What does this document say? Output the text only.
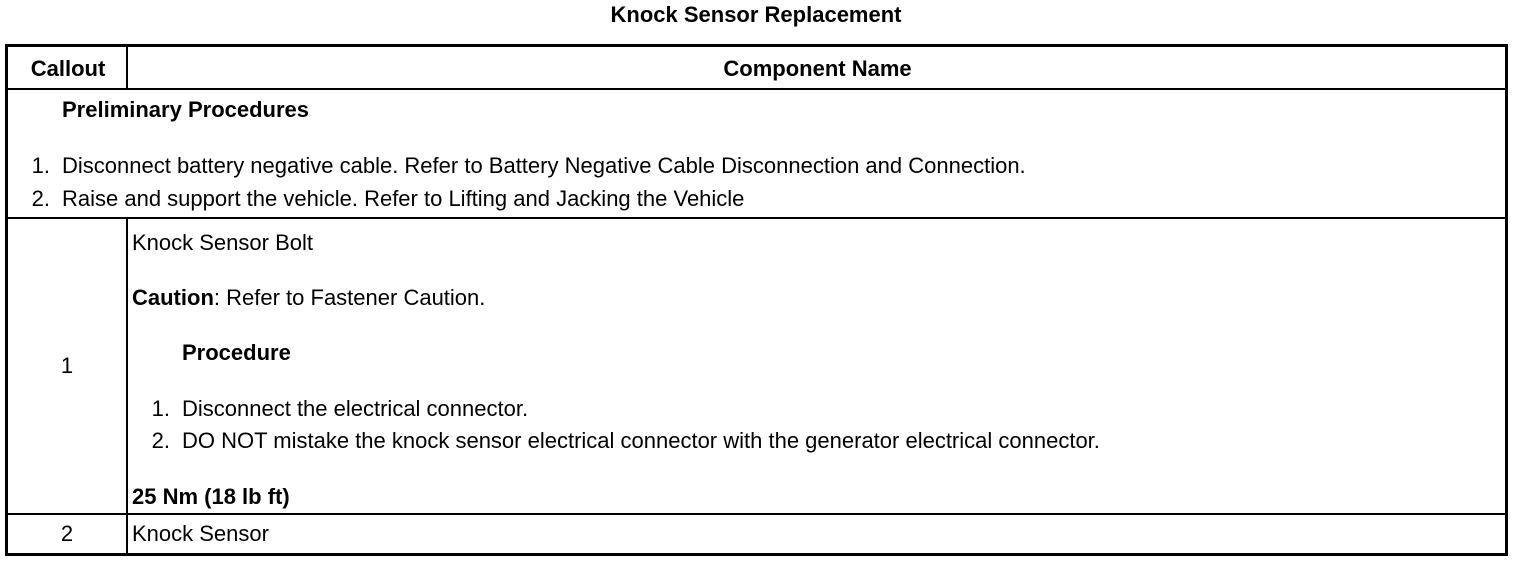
Knock Sensor Replacement
Callout	Component Name
Preliminary Procedures
1. Disconnect battery negative cable. Refer to Battery Negative Cable Disconnection and Connection.
2. Raise and support the vehicle. Refer to Lifting and Jacking the Vehicle
1
Knock Sensor Bolt
Caution: Refer to Fastener Caution.
Procedure
1. Disconnect the electrical connector.
2. DO NOT mistake the knock sensor electrical connector with the generator electrical connector.
25 Nm (18 lb ft)
2	Knock Sensor
